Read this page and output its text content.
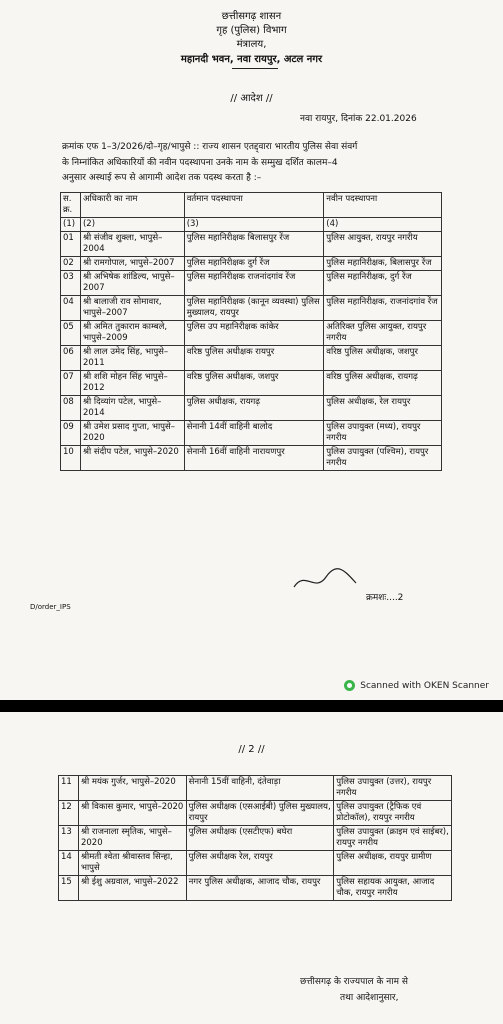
छत्तीसगढ़ शासन
गृह (पुलिस) विभाग
मंत्रालय,
महानदी भवन, नवा रायपुर, अटल नगर
// आदेश //
नवा रायपुर, दिनांक 22.01.2026
क्रमांक एफ 1–3/2026/दो–गृह/भापुसे :: राज्य शासन एतद्द्वारा भारतीय पुलिस सेवा संवर्ग
के निम्नांकित अधिकारियों की नवीन पदस्थापना उनके नाम के सम्मुख दर्शित कालम–4
अनुसार अस्थाई रूप से आगामी आदेश तक पदस्थ करता है :–
स. क्र.	अधिकारी का नाम	वर्तमान पदस्थापना	नवीन पदस्थापना
(1)	(2)	(3)	(4)
01	श्री संजीव शुक्ला, भापुसे–2004	पुलिस महानिरीक्षक बिलासपुर रेंज	पुलिस आयुक्त, रायपुर नगरीय
02	श्री रामगोपाल, भापुसे–2007	पुलिस महानिरीक्षक दुर्ग रेंज	पुलिस महानिरीक्षक, बिलासपुर रेंज
03	श्री अभिषेक शांडिल्य, भापुसे–2007	पुलिस महानिरीक्षक राजनांदगांव रेंज	पुलिस महानिरीक्षक, दुर्ग रेंज
04	श्री बालाजी राव सोमावार, भापुसे–2007	पुलिस महानिरीक्षक (कानून व्यवस्था) पुलिस मुख्यालय, रायपुर	पुलिस महानिरीक्षक, राजनांदगांव रेंज
05	श्री अमित तुकाराम काम्बले, भापुसे–2009	पुलिस उप महानिरीक्षक कांकेर	अतिरिक्त पुलिस आयुक्त, रायपुर नगरीय
06	श्री लाल उमेद सिंह, भापुसे–2011	वरिष्ठ पुलिस अधीक्षक रायपुर	वरिष्ठ पुलिस अधीक्षक, जशपुर
07	श्री शशि मोहन सिंह भापुसे– 2012	वरिष्ठ पुलिस अधीक्षक, जशपुर	वरिष्ठ पुलिस अधीक्षक, रायगढ़
08	श्री दिव्यांग पटेल, भापुसे–2014	पुलिस अधीक्षक, रायगढ़	पुलिस अधीक्षक, रेल रायपुर
09	श्री उमेश प्रसाद गुप्ता, भापुसे–2020	सेनानी 14वीं वाहिनी बालोद	पुलिस उपायुक्त (मध्य), रायपुर नगरीय
10	श्री संदीप पटेल, भापुसे–2020	सेनानी 16वीं वाहिनी नारायणपुर	पुलिस उपायुक्त (पश्चिम), रायपुर नगरीय
क्रमशः....2
D/order_IPS
Scanned with OKEN Scanner
// 2 //
11	श्री मयंक गुर्जर, भापुसे–2020	सेनानी 15वीं वाहिनी, दंतेवाड़ा	पुलिस उपायुक्त (उत्तर), रायपुर नगरीय
12	श्री विकास कुमार, भापुसे–2020	पुलिस अधीक्षक (एसआईबी) पुलिस मुख्यालय, रायपुर	पुलिस उपायुक्त (ट्रैफिक एवं प्रोटोकॉल), रायपुर नगरीय
13	श्री राजनाला स्मृतिक, भापुसे–2020	पुलिस अधीक्षक (एसटीएफ) बघेरा	पुलिस उपायुक्त (क्राइम एवं साईबर), रायपुर नगरीय
14	श्रीमती श्वेता श्रीवास्तव सिन्हा, भापुसे	पुलिस अधीक्षक रेल, रायपुर	पुलिस अधीक्षक, रायपुर ग्रामीण
15	श्री ईशु अग्रवाल, भापुसे–2022	नगर पुलिस अधीक्षक, आजाद चौक, रायपुर	पुलिस सहायक आयुक्त, आजाद चौक, रायपुर नगरीय
छत्तीसगढ़ के राज्यपाल के नाम से
तथा आदेशानुसार,
